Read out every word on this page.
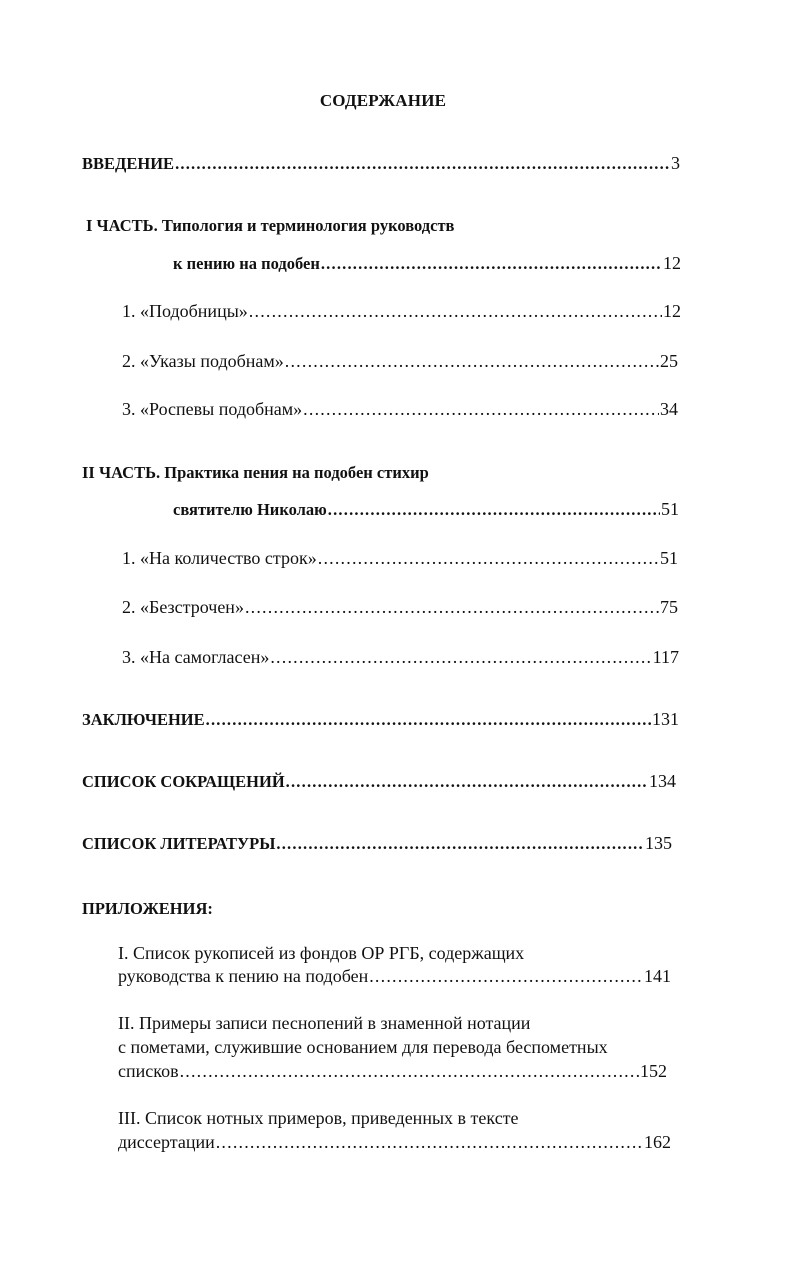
СОДЕРЖАНИЕ
ВВЕДЕНИЕ .....	3
I ЧАСТЬ. Типология и терминология руководств
к пению на подобен .....	12
1. «Подобницы» .....	12
2. «Указы подобнам» .....	25
3. «Роспевы подобнам» .....	34
II ЧАСТЬ. Практика пения на подобен стихир
святителю Николаю .....	51
1. «На количество строк» .....	51
2. «Безстрочен» .....	75
3. «На самогласен» .....	117
ЗАКЛЮЧЕНИЕ .....	131
СПИСОК СОКРАЩЕНИЙ .....	134
СПИСОК ЛИТЕРАТУРЫ .....	135
ПРИЛОЖЕНИЯ:
I. Список рукописей из фондов ОР РГБ, содержащих
руководства к пению на подобен .....	141
II. Примеры записи песнопений в знаменной нотации
с пометами, служившие основанием для перевода беспометных
списков .....	152
III. Список нотных примеров, приведенных в тексте
диссертации .....	162
